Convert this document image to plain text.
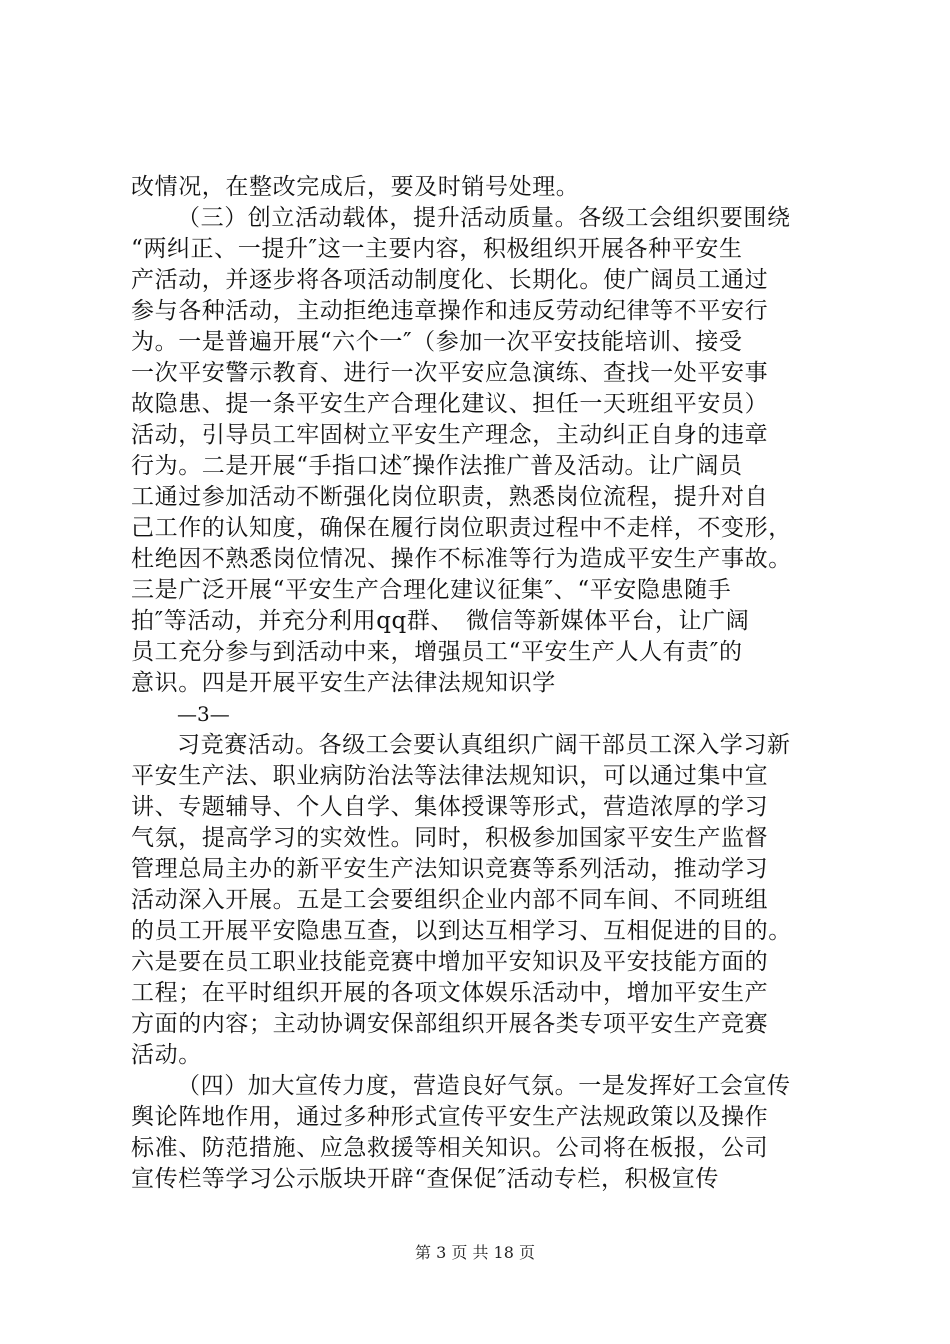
改情况，在整改完成后，要及时销号处理。
（三）创立活动载体，提升活动质量。各级工会组织要围绕
“两纠正、一提升″这一主要内容，积极组织开展各种平安生
产活动，并逐步将各项活动制度化、长期化。使广阔员工通过
参与各种活动，主动拒绝违章操作和违反劳动纪律等不平安行
为。一是普遍开展“六个一″（参加一次平安技能培训、接受
一次平安警示教育、进行一次平安应急演练、查找一处平安事
故隐患、提一条平安生产合理化建议、担任一天班组平安员）
活动，引导员工牢固树立平安生产理念，主动纠正自身的违章
行为。二是开展“手指口述″操作法推广普及活动。让广阔员
工通过参加活动不断强化岗位职责，熟悉岗位流程，提升对自
己工作的认知度，确保在履行岗位职责过程中不走样，不变形，
杜绝因不熟悉岗位情况、操作不标准等行为造成平安生产事故。
三是广泛开展“平安生产合理化建议征集″、“平安隐患随手
拍″等活动，并充分利用qq群、　微信等新媒体平台，让广阔
员工充分参与到活动中来，增强员工“平安生产人人有责″的
意识。四是开展平安生产法律法规知识学
—3—
习竞赛活动。各级工会要认真组织广阔干部员工深入学习新
平安生产法、职业病防治法等法律法规知识，可以通过集中宣
讲、专题辅导、个人自学、集体授课等形式，营造浓厚的学习
气氛，提高学习的实效性。同时，积极参加国家平安生产监督
管理总局主办的新平安生产法知识竞赛等系列活动，推动学习
活动深入开展。五是工会要组织企业内部不同车间、不同班组
的员工开展平安隐患互查，以到达互相学习、互相促进的目的。
六是要在员工职业技能竞赛中增加平安知识及平安技能方面的
工程；在平时组织开展的各项文体娱乐活动中，增加平安生产
方面的内容；主动协调安保部组织开展各类专项平安生产竞赛
活动。
（四）加大宣传力度，营造良好气氛。一是发挥好工会宣传
舆论阵地作用，通过多种形式宣传平安生产法规政策以及操作
标准、防范措施、应急救援等相关知识。公司将在板报，公司
宣传栏等学习公示版块开辟“查保促″活动专栏，积极宣传
第 3 页 共 18 页
